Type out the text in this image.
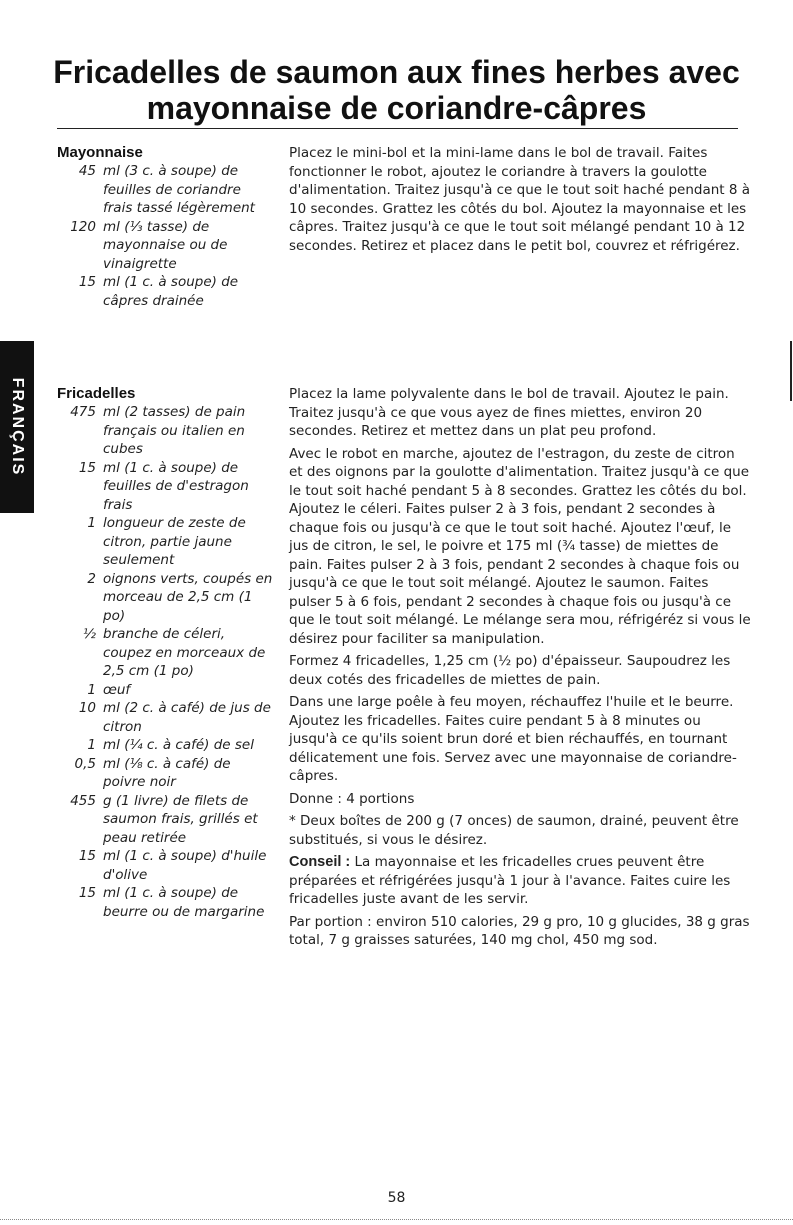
Fricadelles de saumon aux fines herbes avec mayonnaise de coriandre-câpres
FRANÇAIS
Mayonnaise
45 ml (3 c. à soupe) de feuilles de coriandre frais tassé légèrement
120 ml (⅓ tasse) de mayonnaise ou de vinaigrette
15 ml (1 c. à soupe) de câpres drainée

Placez le mini-bol et la mini-lame dans le bol de travail. Faites fonctionner le robot, ajoutez le coriandre à travers la goulotte d'alimentation. Traitez jusqu'à ce que le tout soit haché pendant 8 à 10 secondes. Grattez les côtés du bol. Ajoutez la mayonnaise et les câpres. Traitez jusqu'à ce que le tout soit mélangé pendant 10 à 12 secondes. Retirez et placez dans le petit bol, couvrez et réfrigérez.

Fricadelles
475 ml (2 tasses) de pain français ou italien en cubes
15 ml (1 c. à soupe) de feuilles de d'estragon frais
1 longueur de zeste de citron, partie jaune seulement
2 oignons verts, coupés en morceau de 2,5 cm (1 po)
½ branche de céleri, coupez en morceaux de 2,5 cm (1 po)
1 œuf
10 ml (2 c. à café) de jus de citron
1 ml (¼ c. à café) de sel
0,5 ml (⅛ c. à café) de poivre noir
455 g (1 livre) de filets de saumon frais, grillés et peau retirée
15 ml (1 c. à soupe) d'huile d'olive
15 ml (1 c. à soupe) de beurre ou de margarine

Placez la lame polyvalente dans le bol de travail. Ajoutez le pain. Traitez jusqu'à ce que vous ayez de fines miettes, environ 20 secondes. Retirez et mettez dans un plat peu profond.

Avec le robot en marche, ajoutez de l'estragon, du zeste de citron et des oignons par la goulotte d'alimentation. Traitez jusqu'à ce que le tout soit haché pendant 5 à 8 secondes. Grattez les côtés du bol. Ajoutez le céleri. Faites pulser 2 à 3 fois, pendant 2 secondes à chaque fois ou jusqu'à ce que le tout soit haché. Ajoutez l'œuf, le jus de citron, le sel, le poivre et 175 ml (¾ tasse) de miettes de pain. Faites pulser 2 à 3 fois, pendant 2 secondes à chaque fois ou jusqu'à ce que le tout soit mélangé. Ajoutez le saumon. Faites pulser 5 à 6 fois, pendant 2 secondes à chaque fois ou jusqu'à ce que le tout soit mélangé. Le mélange sera mou, réfrigéréz si vous le désirez pour faciliter sa manipulation.

Formez 4 fricadelles, 1,25 cm (½ po) d'épaisseur. Saupoudrez les deux cotés des fricadelles de miettes de pain.

Dans une large poêle à feu moyen, réchauffez l'huile et le beurre. Ajoutez les fricadelles. Faites cuire pendant 5 à 8 minutes ou jusqu'à ce qu'ils soient brun doré et bien réchauffés, en tournant délicatement une fois. Servez avec une mayonnaise de coriandre-câpres.

Donne : 4 portions

* Deux boîtes de 200 g (7 onces) de saumon, drainé, peuvent être substitués, si vous le désirez.

Conseil : La mayonnaise et les fricadelles crues peuvent être préparées et réfrigérées jusqu'à 1 jour à l'avance. Faites cuire les fricadelles juste avant de les servir.

Par portion : environ 510 calories, 29 g pro, 10 g glucides, 38 g gras total, 7 g graisses saturées, 140 mg chol, 450 mg sod.

58
